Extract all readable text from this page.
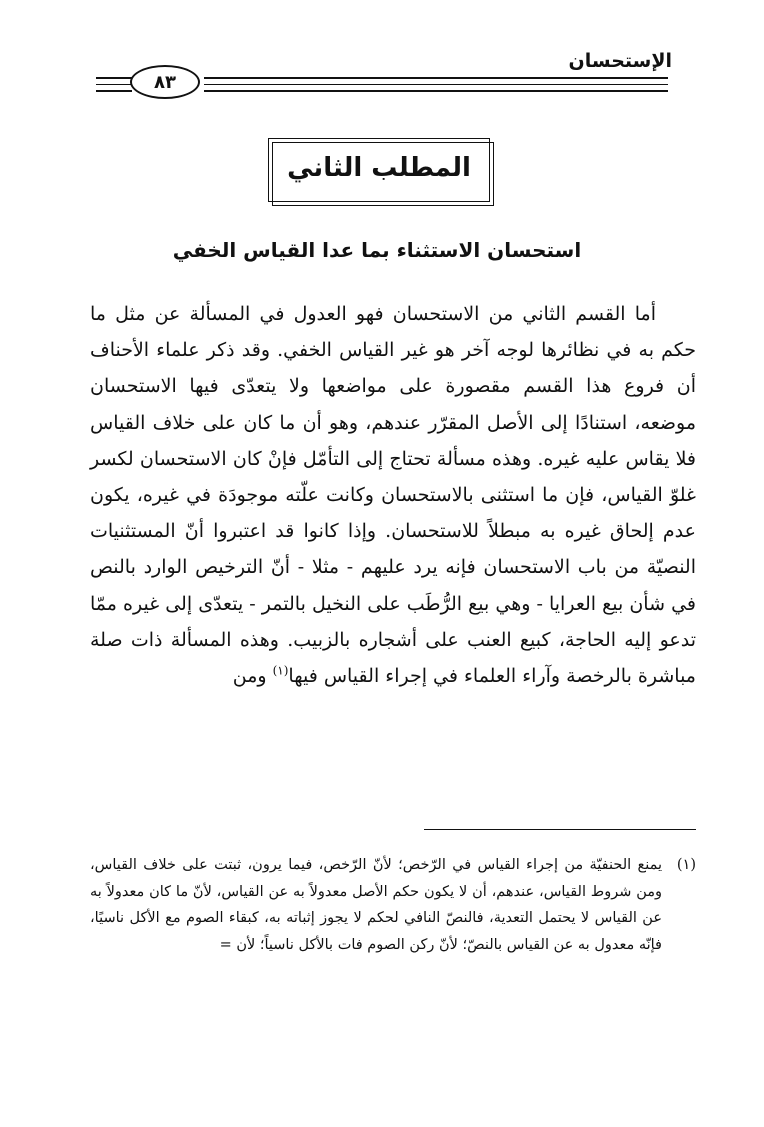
الإستحسان
٨٣
المطلب الثاني
استحسان الاستثناء بما عدا القياس الخفي

أما القسم الثاني من الاستحسان فهو العدول في المسألة عن مثل ما حكم به في نظائرها لوجه آخر هو غير القياس الخفي. وقد ذكر علماء الأحناف أن فروع هذا القسم مقصورة على مواضعها ولا يتعدّى فيها الاستحسان موضعه، استنادًا إلى الأصل المقرّر عندهم، وهو أن ما كان على خلاف القياس فلا يقاس عليه غيره. وهذه مسألة تحتاج إلى التأمّل فإنْ كان الاستحسان لكسر غلوّ القياس، فإن ما استثنى بالاستحسان وكانت علّته موجودَة في غيره، يكون عدم إلحاق غيره به مبطلاً للاستحسان. وإذا كانوا قد اعتبروا أنّ المستثنيات النصيّة من باب الاستحسان فإنه يرد عليهم - مثلا - أنّ الترخيص الوارد بالنص في شأن بيع العرايا - وهي بيع الرُّطَب على النخيل بالتمر - يتعدّى إلى غيره ممّا تدعو إليه الحاجة، كبيع العنب على أشجاره بالزبيب. وهذه المسألة ذات صلة مباشرة بالرخصة وآراء العلماء في إجراء القياس فيها$^{(١)}$ ومن

(١)
يمنع الحنفيّة من إجراء القياس في الرّخص؛ لأنّ الرّخص، فيما يرون، ثبتت على خلاف القياس، ومن شروط القياس، عندهم، أن لا يكون حكم الأصل معدولاً به عن القياس، لأنّ ما كان معدولاً به عن القياس لا يحتمل التعدية، فالنصّ النافي لحكم لا يجوز إثباته به، كبقاء الصوم مع الأكل ناسيًا، فإنّه معدول به عن القياس بالنصّ؛ لأنّ ركن الصوم فات بالأكل ناسياً؛ لأن =
